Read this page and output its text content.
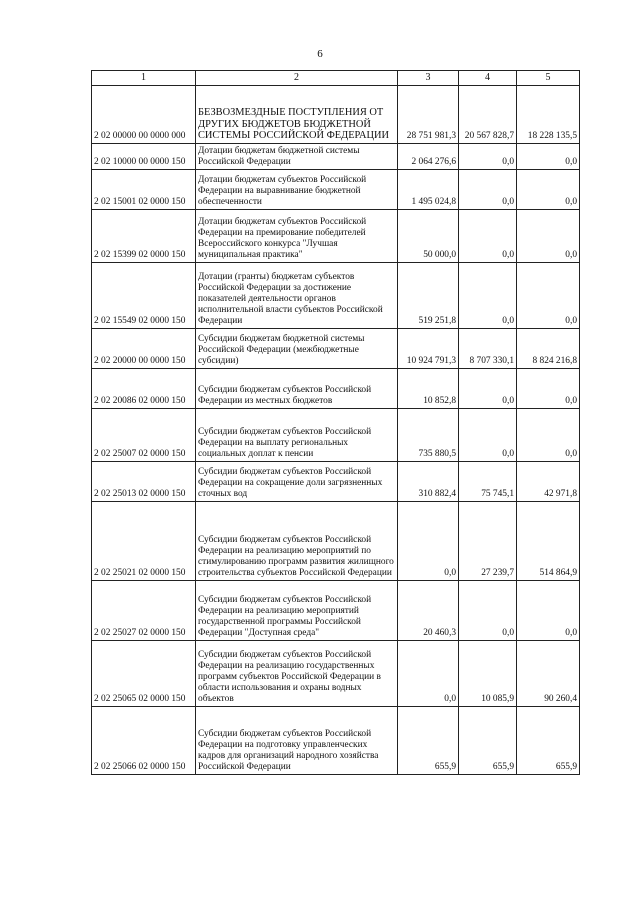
6
1	2	3	4	5
2 02 00000 00 0000 000	БЕЗВОЗМЕЗДНЫЕ ПОСТУПЛЕНИЯ ОТ ДРУГИХ БЮДЖЕТОВ БЮДЖЕТНОЙ СИСТЕМЫ РОССИЙСКОЙ ФЕДЕРАЦИИ	28 751 981,3	20 567 828,7	18 228 135,5
2 02 10000 00 0000 150	Дотации бюджетам бюджетной системы Российской Федерации	2 064 276,6	0,0	0,0
2 02 15001 02 0000 150	Дотации бюджетам субъектов Российской Федерации на выравнивание бюджетной обеспеченности	1 495 024,8	0,0	0,0
2 02 15399 02 0000 150	Дотации бюджетам субъектов Российской Федерации на премирование победителей Всероссийского конкурса "Лучшая муниципальная практика"	50 000,0	0,0	0,0
2 02 15549 02 0000 150	Дотации (гранты) бюджетам субъектов Российской Федерации за достижение показателей деятельности органов исполнительной власти субъектов Российской Федерации	519 251,8	0,0	0,0
2 02 20000 00 0000 150	Субсидии бюджетам бюджетной системы Российской Федерации (межбюджетные субсидии)	10 924 791,3	8 707 330,1	8 824 216,8
2 02 20086 02 0000 150	Субсидии бюджетам субъектов Российской Федерации из местных бюджетов	10 852,8	0,0	0,0
2 02 25007 02 0000 150	Субсидии бюджетам субъектов Российской Федерации на выплату региональных социальных доплат к пенсии	735 880,5	0,0	0,0
2 02 25013 02 0000 150	Субсидии бюджетам субъектов Российской Федерации на сокращение доли загрязненных сточных вод	310 882,4	75 745,1	42 971,8
2 02 25021 02 0000 150	Субсидии бюджетам субъектов Российской Федерации на реализацию мероприятий по стимулированию программ развития жилищного строительства субъектов Российской Федерации	0,0	27 239,7	514 864,9
2 02 25027 02 0000 150	Субсидии бюджетам субъектов Российской Федерации на реализацию мероприятий государственной программы Российской Федерации "Доступная среда"	20 460,3	0,0	0,0
2 02 25065 02 0000 150	Субсидии бюджетам субъектов Российской Федерации на реализацию государственных программ субъектов Российской Федерации в области использования и охраны водных объектов	0,0	10 085,9	90 260,4
2 02 25066 02 0000 150	Субсидии бюджетам субъектов Российской Федерации на подготовку управленческих кадров для организаций народного хозяйства Российской Федерации	655,9	655,9	655,9
